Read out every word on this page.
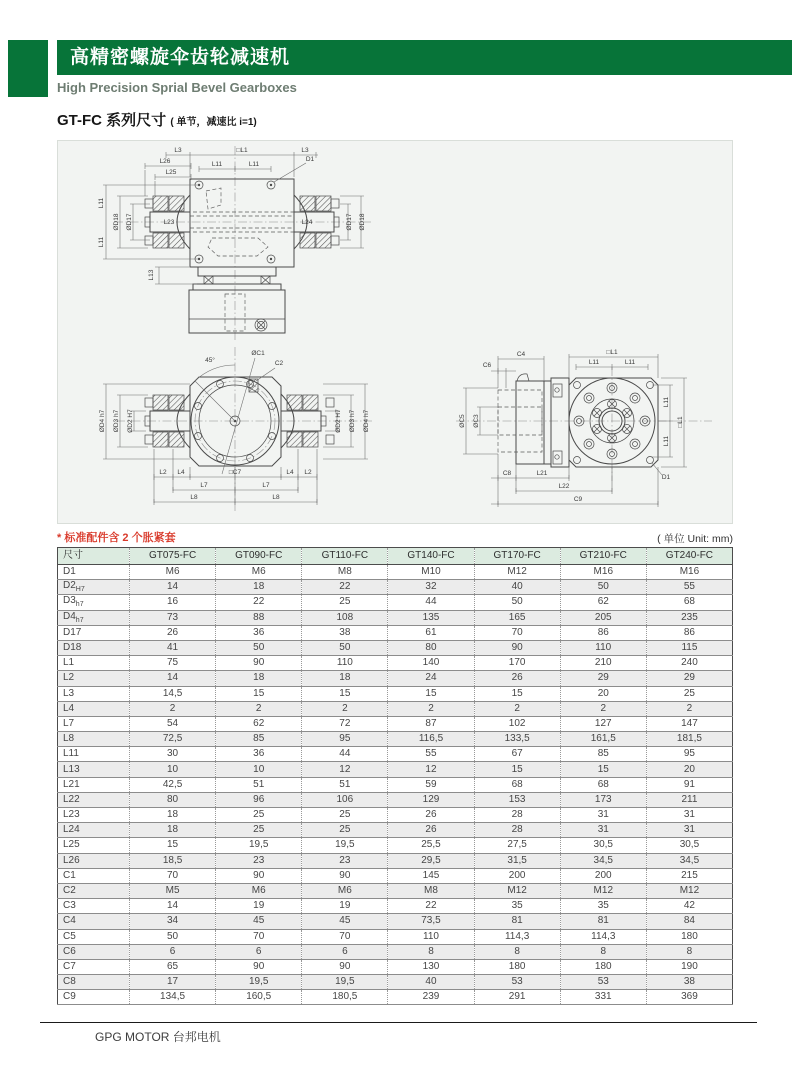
高精密螺旋伞齿轮减速机
High Precision Sprial Bevel Gearboxes
GT-FC 系列尺寸 ( 单节，减速比 i=1)
L3	□L1	L3
D1
L26
L25
L11	L11
L11
L11
ØD18 ØD17	L23	L24	ØD17 ØD18
L13
45°
ØC1
C2
ØD4 h7 ØD3 h7 ØD2 H7	ØD2 H7 ØD3 h7 ØD4 h7
L2 L4	□C7	L4 L2
L7	L7
L8	L8
C4
C6
□L1
L11	L11
L11
L11
□L1
ØC5 ØC3
C8	L21
L22
C9
D1
* 标准配件含 2 个胀紧套	( 单位 Unit: mm)
尺寸	GT075-FC	GT090-FC	GT110-FC	GT140-FC	GT170-FC	GT210-FC	GT240-FC
D1	M6	M6	M8	M10	M12	M16	M16
$D2_{H7}$	14	18	22	32	40	50	55
$D3_{h7}$	16	22	25	44	50	62	68
$D4_{h7}$	73	88	108	135	165	205	235
D17	26	36	38	61	70	86	86
D18	41	50	50	80	90	110	115
L1	75	90	110	140	170	210	240
L2	14	18	18	24	26	29	29
L3	14,5	15	15	15	15	20	25
L4	2	2	2	2	2	2	2
L7	54	62	72	87	102	127	147
L8	72,5	85	95	116,5	133,5	161,5	181,5
L11	30	36	44	55	67	85	95
L13	10	10	12	12	15	15	20
L21	42,5	51	51	59	68	68	91
L22	80	96	106	129	153	173	211
L23	18	25	25	26	28	31	31
L24	18	25	25	26	28	31	31
L25	15	19,5	19,5	25,5	27,5	30,5	30,5
L26	18,5	23	23	29,5	31,5	34,5	34,5
C1	70	90	90	145	200	200	215
C2	M5	M6	M6	M8	M12	M12	M12
C3	14	19	19	22	35	35	42
C4	34	45	45	73,5	81	81	84
C5	50	70	70	110	114,3	114,3	180
C6	6	6	6	8	8	8	8
C7	65	90	90	130	180	180	190
C8	17	19,5	19,5	40	53	53	38
C9	134,5	160,5	180,5	239	291	331	369
GPG MOTOR 台邦电机
